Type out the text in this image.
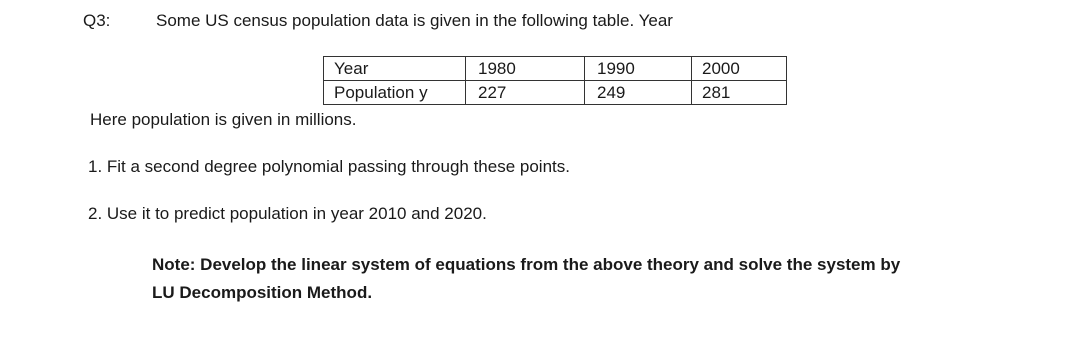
Q3:	Some US census population data is given in the following table. Year
Year	1980	1990	2000
Population y	227	249	281
Here population is given in millions.
1. Fit a second degree polynomial passing through these points.
2. Use it to predict population in year 2010 and 2020.
Note: Develop the linear system of equations from the above theory and solve the system by
LU Decomposition Method.
